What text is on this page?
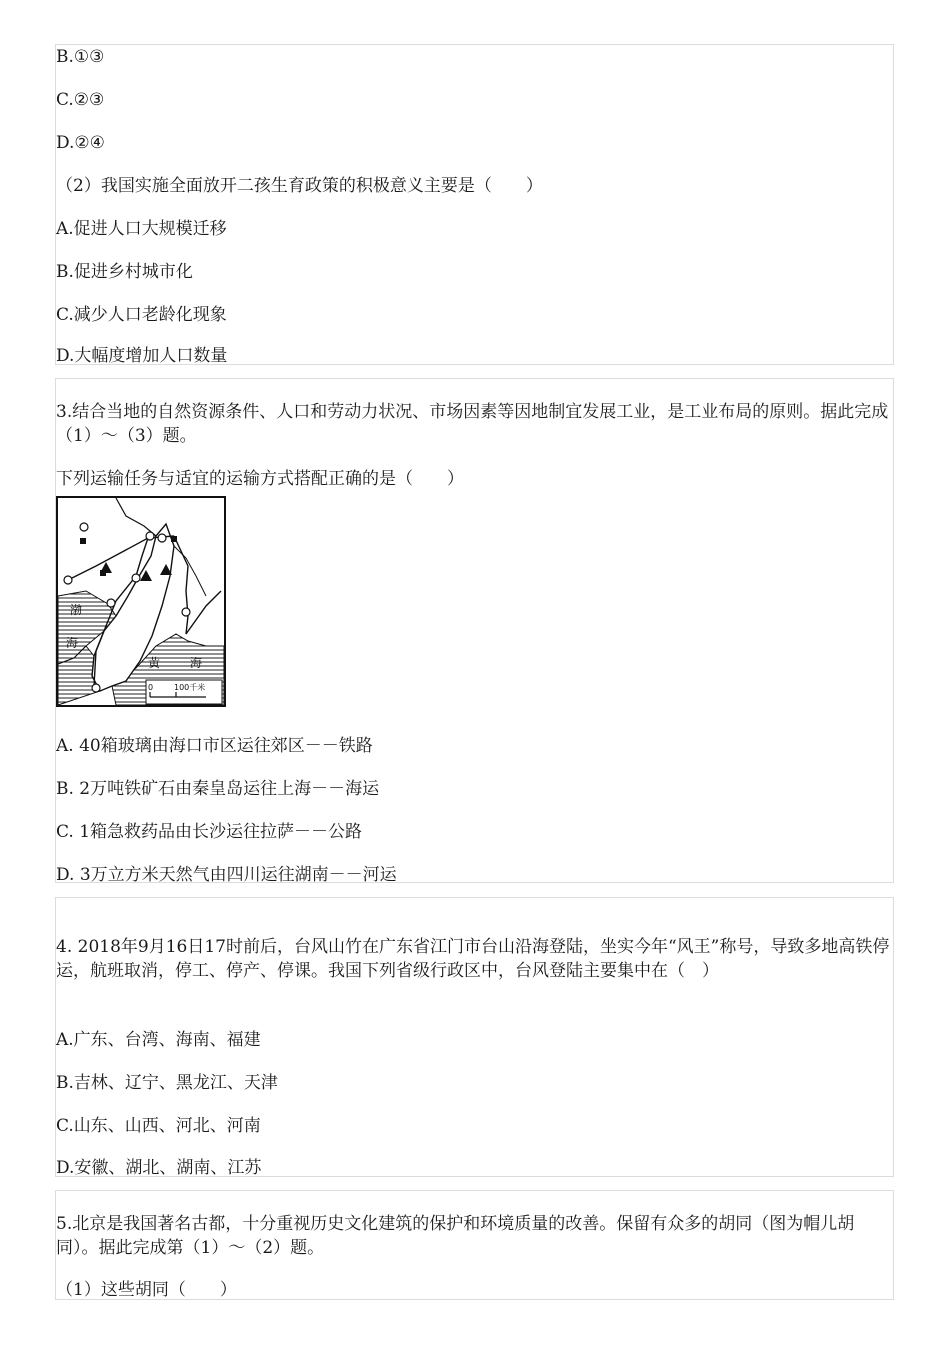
B.①③
C.②③
D.②④
（2）我国实施全面放开二孩生育政策的积极意义主要是（　　）
A.促进人口大规模迁移
B.促进乡村城市化
C.减少人口老龄化现象
D.大幅度增加人口数量
3.结合当地的自然资源条件、人口和劳动力状况、市场因素等因地制宜发展工业，是工业布局的原则。据此完成（1）～（3）题。
下列运输任务与适宜的运输方式搭配正确的是（　　）
渤
海
黄 海
0	100千米
A. 40箱玻璃由海口市区运往郊区－－铁路
B. 2万吨铁矿石由秦皇岛运往上海－－海运
C. 1箱急救药品由长沙运往拉萨－－公路
D. 3万立方米天然气由四川运往湖南－－河运
4. 2018年9月16日17时前后，台风山竹在广东省江门市台山沿海登陆，坐实今年“风王”称号，导致多地高铁停运，航班取消，停工、停产、停课。我国下列省级行政区中，台风登陆主要集中在（　）
A.广东、台湾、海南、福建
B.吉林、辽宁、黑龙江、天津
C.山东、山西、河北、河南
D.安徽、湖北、湖南、江苏
5.北京是我国著名古都，十分重视历史文化建筑的保护和环境质量的改善。保留有众多的胡同（图为帽儿胡同）。据此完成第（1）～（2）题。
（1）这些胡同（　　）
